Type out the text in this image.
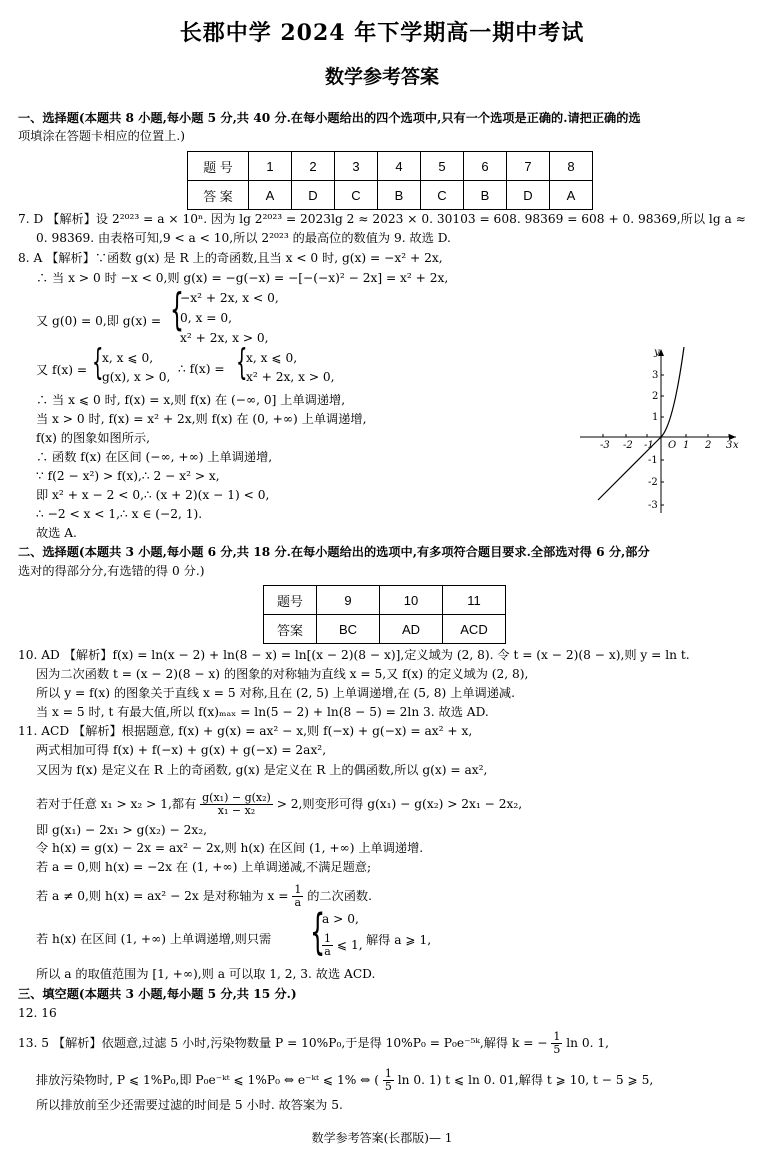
长郡中学 2024 年下学期高一期中考试
数学参考答案
一、选择题(本题共 8 小题,每小题 5 分,共 40 分.在每小题给出的四个选项中,只有一个选项是正确的.请把正确的选
项填涂在答题卡相应的位置上.)
题 号	1	2	3	4	5	6	7	8
答 案	A	D	C	B	C	B	D	A
7. D 【解析】设 2²⁰²³ = a × 10ⁿ. 因为 lg 2²⁰²³ = 2023lg 2 ≈ 2023 × 0. 30103 = 608. 98369 = 608 + 0. 98369,所以 lg a ≈
0. 98369. 由表格可知,9 < a < 10,所以 2²⁰²³ 的最高位的数值为 9. 故选 D.
8. A 【解析】∵函数 g(x) 是 R 上的奇函数,且当 x < 0 时, g(x) = −x² + 2x,
∴ 当 x > 0 时 −x < 0,则 g(x) = −g(−x) = −[−(−x)² − 2x] = x² + 2x,
又 g(0) = 0,即 g(x) = {
−x² + 2x, x < 0,
0, x = 0,
x² + 2x, x > 0,
又 f(x) = {
x, x ⩽ 0,
g(x), x > 0,
∴ f(x) = {
x, x ⩽ 0,
x² + 2x, x > 0,
∴ 当 x ⩽ 0 时, f(x) = x,则 f(x) 在 (−∞, 0] 上单调递增,
当 x > 0 时, f(x) = x² + 2x,则 f(x) 在 (0, +∞) 上单调递增,
f(x) 的图象如图所示,
∴ 函数 f(x) 在区间 (−∞, +∞) 上单调递增,
∵ f(2 − x²) > f(x),∴ 2 − x² > x,
即 x² + x − 2 < 0,∴ (x + 2)(x − 1) < 0,
∴ −2 < x < 1,∴ x ∈ (−2, 1).
故选 A.
-3 -2 -1 O 1 2 3 x
3
2
1
-1
-2
-3
y
二、选择题(本题共 3 小题,每小题 6 分,共 18 分.在每小题给出的选项中,有多项符合题目要求.全部选对得 6 分,部分
选对的得部分分,有选错的得 0 分.)
题号	9	10	11
答案	BC	AD	ACD
10. AD 【解析】f(x) = ln(x − 2) + ln(8 − x) = ln[(x − 2)(8 − x)],定义域为 (2, 8). 令 t = (x − 2)(8 − x),则 y = ln t.
因为二次函数 t = (x − 2)(8 − x) 的图象的对称轴为直线 x = 5,又 f(x) 的定义域为 (2, 8),
所以 y = f(x) 的图象关于直线 x = 5 对称,且在 (2, 5) 上单调递增,在 (5, 8) 上单调递减.
当 x = 5 时, t 有最大值,所以 f(x)ₘₐₓ = ln(5 − 2) + ln(8 − 5) = 2ln 3. 故选 AD.
11. ACD 【解析】根据题意, f(x) + g(x) = ax² − x,则 f(−x) + g(−x) = ax² + x,
两式相加可得 f(x) + f(−x) + g(x) + g(−x) = 2ax²,
又因为 f(x) 是定义在 R 上的奇函数, g(x) 是定义在 R 上的偶函数,所以 g(x) = ax²,
若对于任意 x₁ > x₂ > 1,都有 $\frac{\text{g(x₁) − g(x₂)}}{\text{x₁ − x₂}} > 2$,则变形可得 g(x₁) − g(x₂) > 2x₁ − 2x₂,
即 g(x₁) − 2x₁ > g(x₂) − 2x₂,
令 h(x) = g(x) − 2x = ax² − 2x,则 h(x) 在区间 (1, +∞) 上单调递增.
若 a = 0,则 h(x) = −2x 在 (1, +∞) 上单调递减,不满足题意;
若 a ≠ 0,则 h(x) = ax² − 2x 是对称轴为 $x = \frac{1}{a}$ 的二次函数.
若 h(x) 在区间 (1, +∞) 上单调递增,则只需 {
a > 0,
$\frac{1}{a}$ ⩽ 1, 解得 a ⩾ 1,
所以 a 的取值范围为 [1, +∞),则 a 可以取 1, 2, 3. 故选 ACD.
三、填空题(本题共 3 小题,每小题 5 分,共 15 分.)
12. 16
13. 5 【解析】依题意,过滤 5 小时,污染物数量 P = 10%P₀,于是得 10%P₀ = P₀e⁻⁵ᵏ,解得 k = − $\frac{1}{5}$ ln 0. 1,
排放污染物时, P ⩽ 1%P₀,即 P₀e⁻ᵏᵗ ⩽ 1%P₀ ⇔ e⁻ᵏᵗ ⩽ 1% ⇔ ( $\frac{1}{5}$ ln 0. 1) t ⩽ ln 0. 01,解得 t ⩾ 10, t − 5 ⩾ 5,
所以排放前至少还需要过滤的时间是 5 小时. 故答案为 5.
数学参考答案(长郡版)— 1
